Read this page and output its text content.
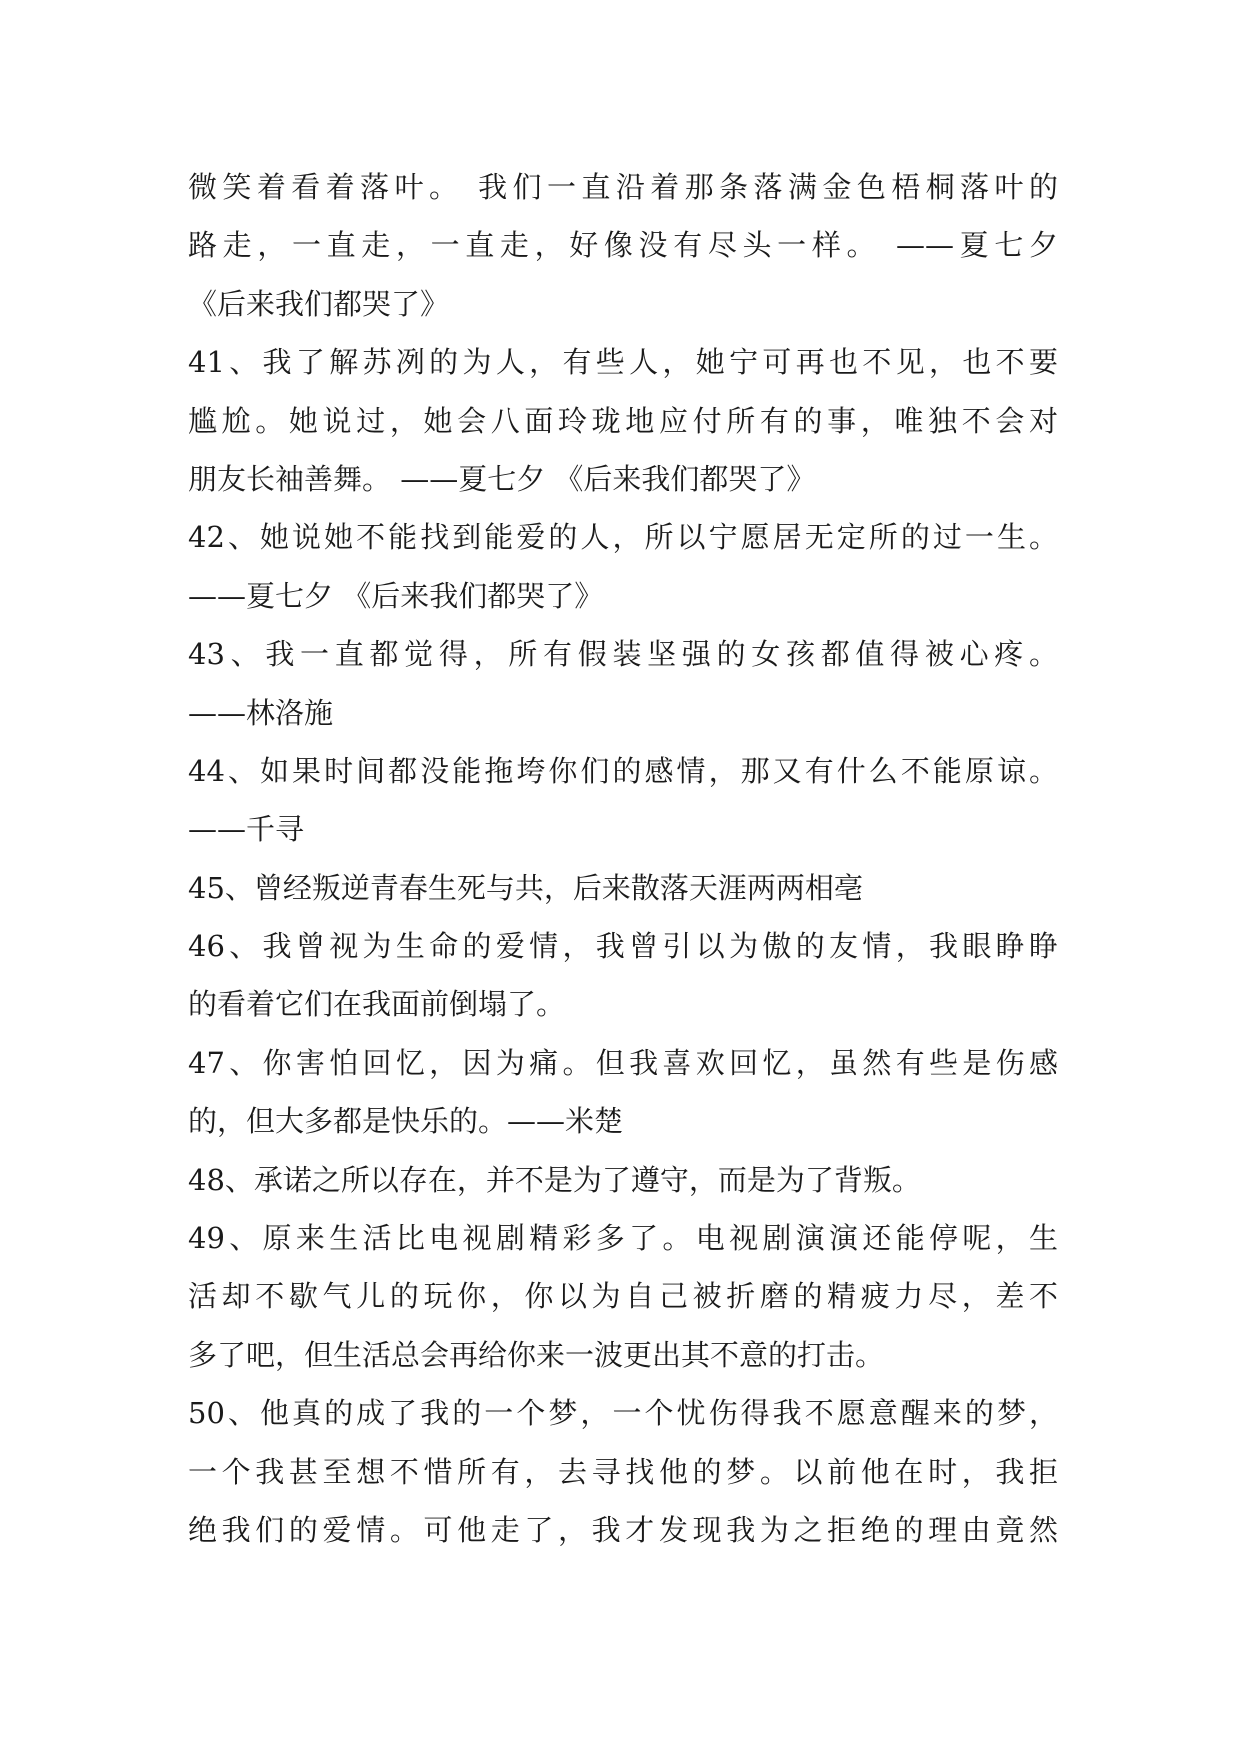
微笑着看着落叶。 我们一直沿着那条落满金色梧桐落叶的
路走，一直走，一直走，好像没有尽头一样。 ——夏七夕
《后来我们都哭了》
41、我了解苏冽的为人，有些人，她宁可再也不见，也不要
尴尬。她说过，她会八面玲珑地应付所有的事，唯独不会对
朋友长袖善舞。 ——夏七夕 《后来我们都哭了》
42、她说她不能找到能爱的人，所以宁愿居无定所的过一生。
——夏七夕 《后来我们都哭了》
43、我一直都觉得，所有假装坚强的女孩都值得被心疼。
——林洛施
44、如果时间都没能拖垮你们的感情，那又有什么不能原谅。
——千寻
45、曾经叛逆青春生死与共，后来散落天涯两两相亳
46、我曾视为生命的爱情，我曾引以为傲的友情，我眼睁睁
的看着它们在我面前倒塌了。
47、你害怕回忆，因为痛。但我喜欢回忆，虽然有些是伤感
的，但大多都是快乐的。——米楚
48、承诺之所以存在，并不是为了遵守，而是为了背叛。
49、原来生活比电视剧精彩多了。电视剧演演还能停呢，生
活却不歇气儿的玩你，你以为自己被折磨的精疲力尽，差不
多了吧，但生活总会再给你来一波更出其不意的打击。
50、他真的成了我的一个梦，一个忧伤得我不愿意醒来的梦，
一个我甚至想不惜所有，去寻找他的梦。以前他在时，我拒
绝我们的爱情。可他走了，我才发现我为之拒绝的理由竟然
